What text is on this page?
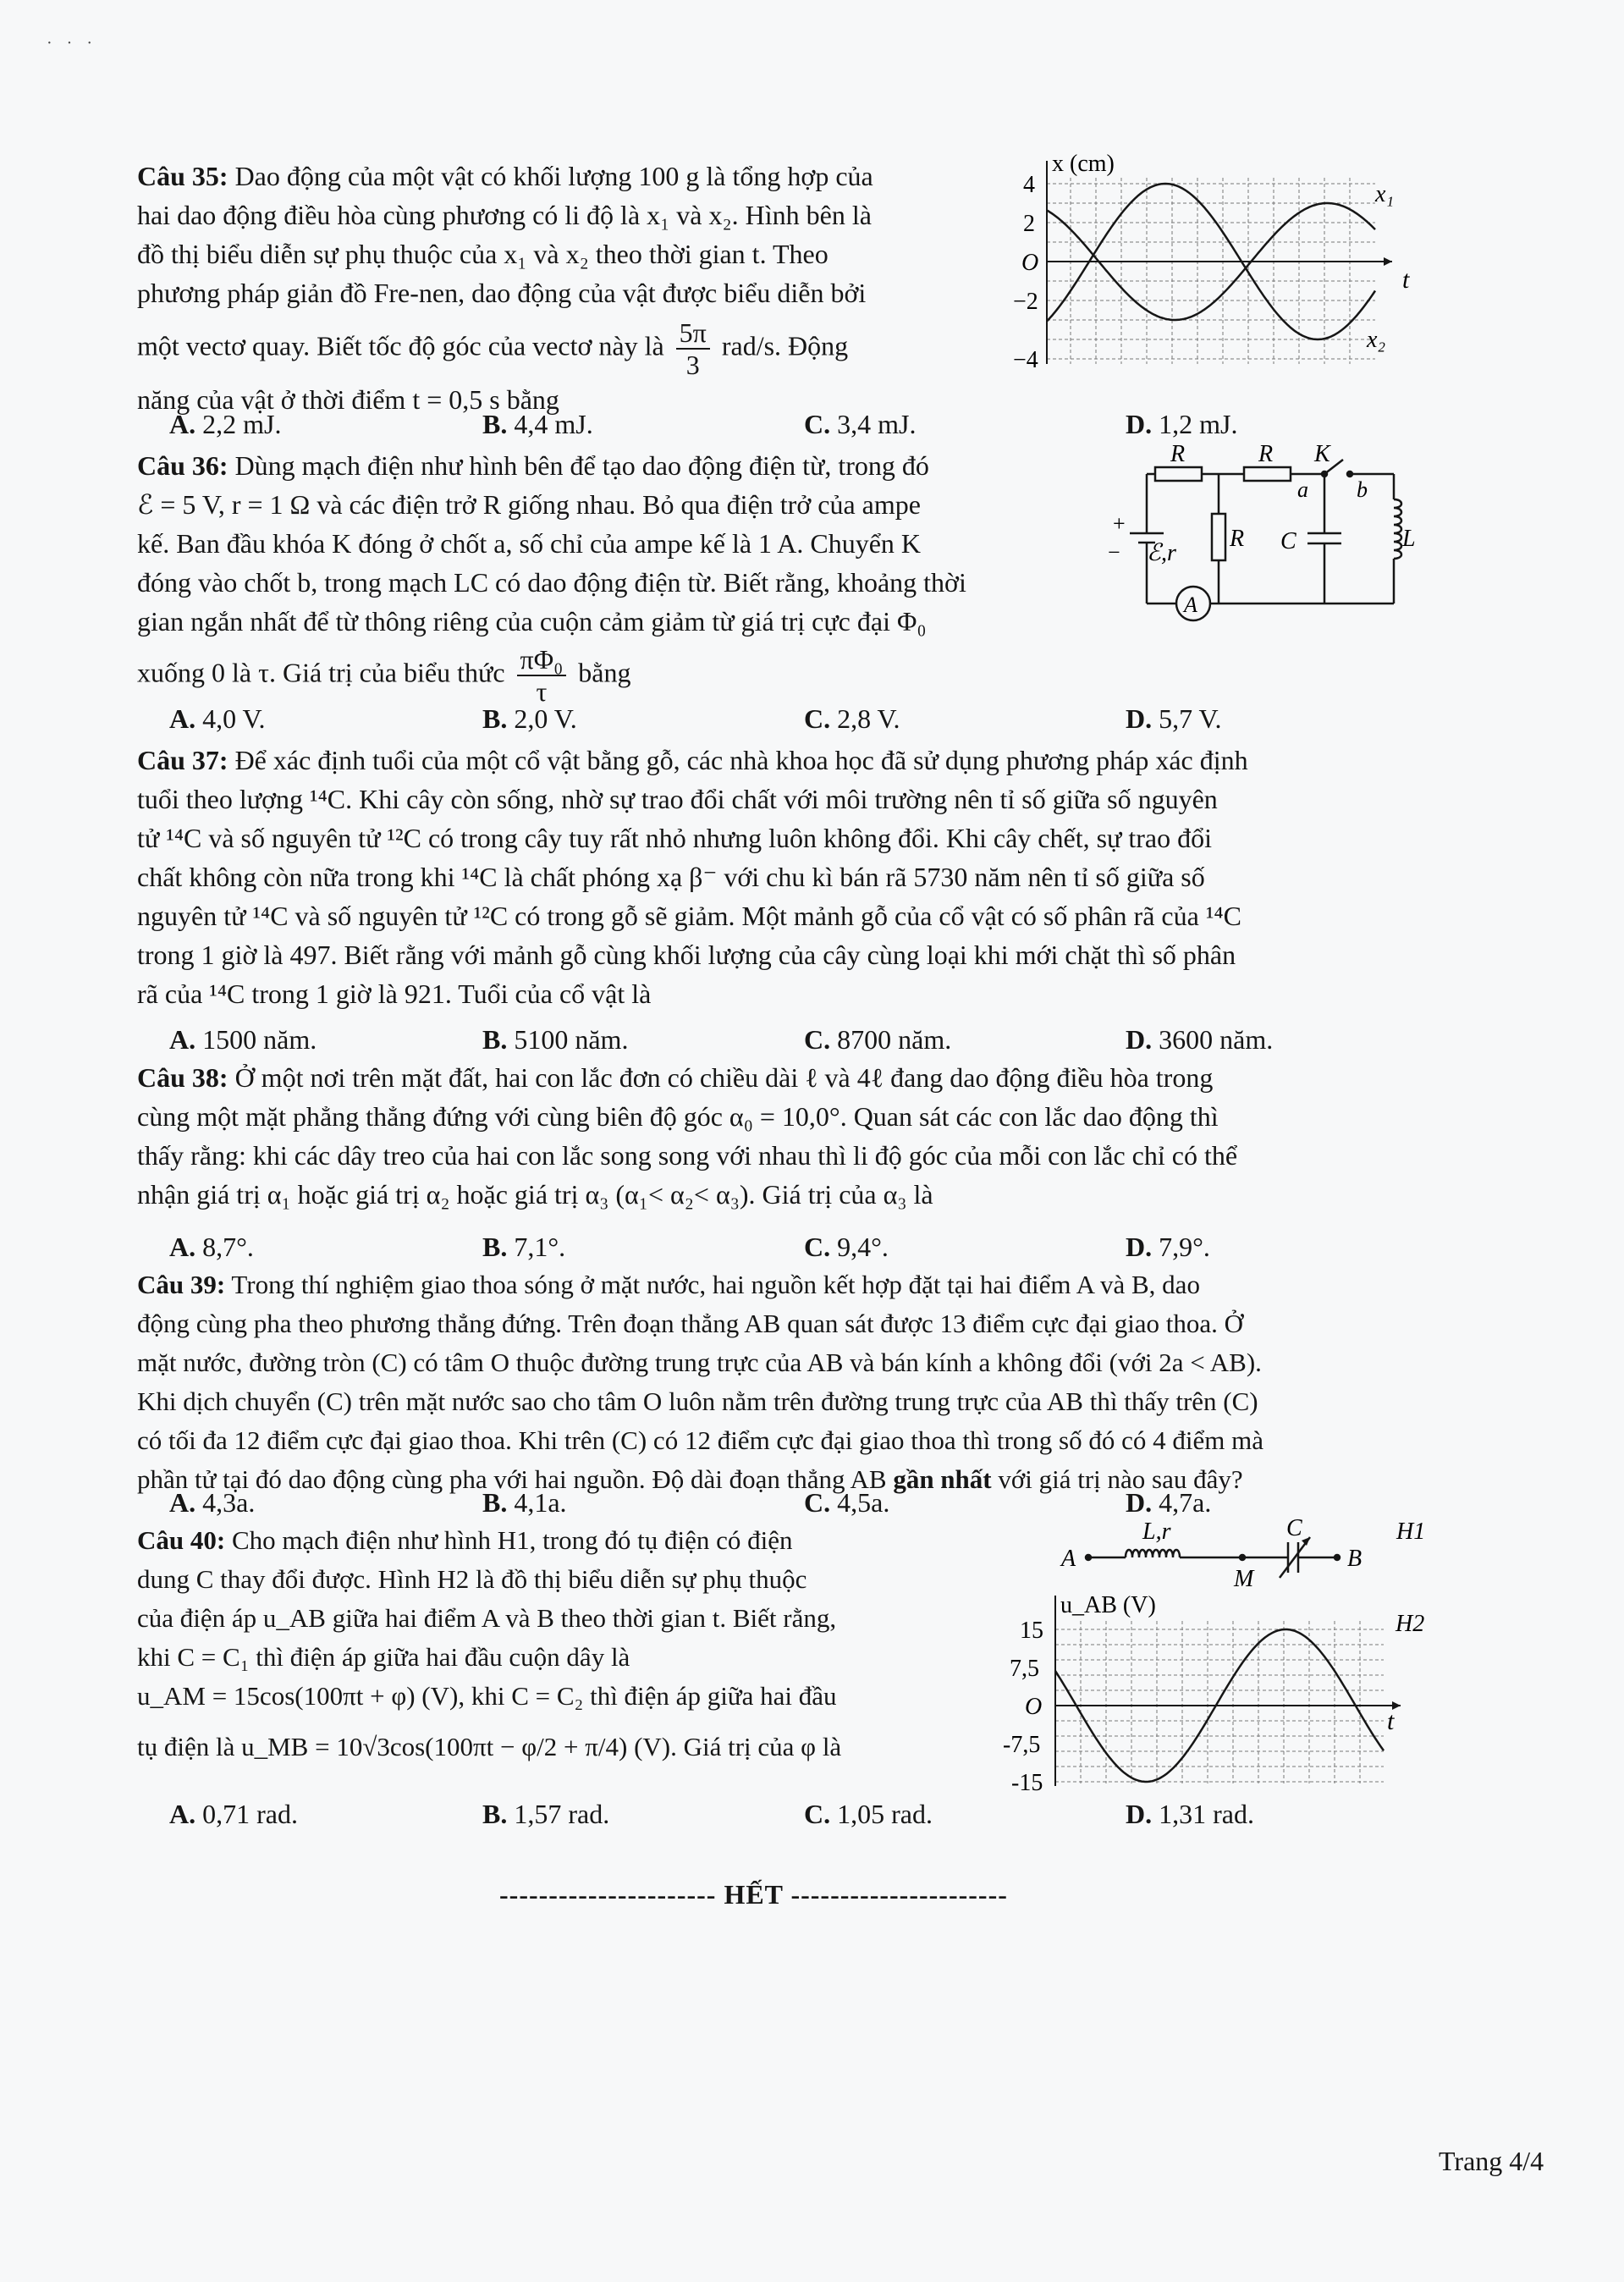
· · ·

Câu 35: Dao động của một vật có khối lượng 100 g là tổng hợp của

hai dao động điều hòa cùng phương có li độ là x₁ và x₂. Hình bên là

đồ thị biểu diễn sự phụ thuộc của x₁ và x₂ theo thời gian t. Theo

phương pháp giản đồ Fre-nen, dao động của vật được biểu diễn bởi

một vectơ quay. Biết tốc độ góc của vectơ này là $\frac{5\pi}{3} rad/s$. Động

năng của vật ở thời điểm t = 0,5 s bằng

A. 2,2 mJ.	B. 4,4 mJ.	C. 3,4 mJ.	D. 1,2 mJ.
x (cm)
4
2
O
−2
−4
t
x₁
x₂

Câu 36: Dùng mạch điện như hình bên để tạo dao động điện từ, trong đó

ℰ = 5 V, r = 1 Ω và các điện trở R giống nhau. Bỏ qua điện trở của ampe

kế. Ban đầu khóa K đóng ở chốt a, số chỉ của ampe kế là 1 A. Chuyển K

đóng vào chốt b, trong mạch LC có dao động điện từ. Biết rằng, khoảng thời

gian ngắn nhất để từ thông riêng của cuộn cảm giảm từ giá trị cực đại Φ₀

xuống 0 là τ. Giá trị của biểu thức $\frac{\text{πΦ₀}}{\tau}$ bằng

A. 4,0 V.	B. 2,0 V.	C. 2,8 V.	D. 5,7 V.
R	R K
a b
+
− ℰ,r
R C	L
A

Câu 37: Để xác định tuổi của một cổ vật bằng gỗ, các nhà khoa học đã sử dụng phương pháp xác định

tuổi theo lượng ¹⁴C. Khi cây còn sống, nhờ sự trao đổi chất với môi trường nên tỉ số giữa số nguyên

tử ¹⁴C và số nguyên tử ¹²C có trong cây tuy rất nhỏ nhưng luôn không đổi. Khi cây chết, sự trao đổi

chất không còn nữa trong khi ¹⁴C là chất phóng xạ β⁻ với chu kì bán rã 5730 năm nên tỉ số giữa số

nguyên tử ¹⁴C và số nguyên tử ¹²C có trong gỗ sẽ giảm. Một mảnh gỗ của cổ vật có số phân rã của ¹⁴C

trong 1 giờ là 497. Biết rằng với mảnh gỗ cùng khối lượng của cây cùng loại khi mới chặt thì số phân

rã của ¹⁴C trong 1 giờ là 921. Tuổi của cổ vật là

A. 1500 năm.	B. 5100 năm.	C. 8700 năm.	D. 3600 năm.

Câu 38: Ở một nơi trên mặt đất, hai con lắc đơn có chiều dài ℓ và 4ℓ đang dao động điều hòa trong

cùng một mặt phẳng thẳng đứng với cùng biên độ góc α₀ = 10,0°. Quan sát các con lắc dao động thì

thấy rằng: khi các dây treo của hai con lắc song song với nhau thì li độ góc của mỗi con lắc chỉ có thể

nhận giá trị α₁ hoặc giá trị α₂ hoặc giá trị α₃ (α₁< α₂< α₃). Giá trị của α₃ là

A. 8,7°.	B. 7,1°.	C. 9,4°.	D. 7,9°.

Câu 39: Trong thí nghiệm giao thoa sóng ở mặt nước, hai nguồn kết hợp đặt tại hai điểm A và B, dao

động cùng pha theo phương thẳng đứng. Trên đoạn thẳng AB quan sát được 13 điểm cực đại giao thoa. Ở

mặt nước, đường tròn (C) có tâm O thuộc đường trung trực của AB và bán kính a không đổi (với 2a < AB).

Khi dịch chuyển (C) trên mặt nước sao cho tâm O luôn nằm trên đường trung trực của AB thì thấy trên (C)

có tối đa 12 điểm cực đại giao thoa. Khi trên (C) có 12 điểm cực đại giao thoa thì trong số đó có 4 điểm mà

phần tử tại đó dao động cùng pha với hai nguồn. Độ dài đoạn thẳng AB gần nhất với giá trị nào sau đây?

A. 4,3a.	B. 4,1a.	C. 4,5a.	D. 4,7a.

Câu 40: Cho mạch điện như hình H1, trong đó tụ điện có điện

dung C thay đổi được. Hình H2 là đồ thị biểu diễn sự phụ thuộc

của điện áp u_AB giữa hai điểm A và B theo thời gian t. Biết rằng,

khi C = C₁ thì điện áp giữa hai đầu cuộn dây là

u_AM = 15cos(100πt + φ) (V), khi C = C₂ thì điện áp giữa hai đầu

tụ điện là u_MB = 10√3cos(100πt − φ/2 + π/4) (V). Giá trị của φ là

A. 0,71 rad.	B. 1,57 rad.	C. 1,05 rad.	D. 1,31 rad.
A
L,r
M
C
B
H1
u_AB (V)
15
7,5
O
-7,5
-15
t
H2
---------------------- HẾT ----------------------
Trang 4/4
